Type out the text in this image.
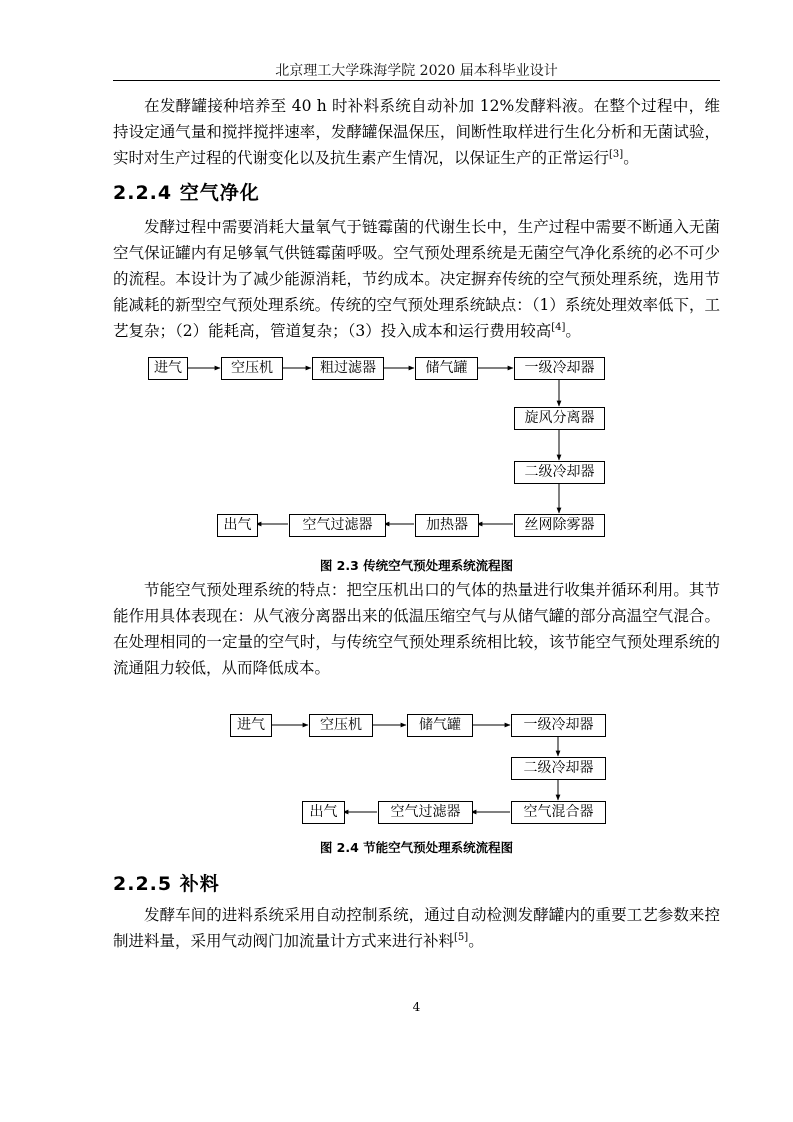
北京理工大学珠海学院 2020 届本科毕业设计

在发酵罐接种培养至 40 h 时补料系统自动补加 12%发酵料液。在整个过程中，维持设定通气量和搅拌搅拌速率，发酵罐保温保压，间断性取样进行生化分析和无菌试验，实时对生产过程的代谢变化以及抗生素产生情况，以保证生产的正常运行[3]。

2.2.4 空气净化

发酵过程中需要消耗大量氧气于链霉菌的代谢生长中，生产过程中需要不断通入无菌空气保证罐内有足够氧气供链霉菌呼吸。空气预处理系统是无菌空气净化系统的必不可少的流程。本设计为了减少能源消耗，节约成本。决定摒弃传统的空气预处理系统，选用节能减耗的新型空气预处理系统。传统的空气预处理系统缺点：（1）系统处理效率低下，工艺复杂；（2）能耗高，管道复杂；（3）投入成本和运行费用较高[4]。

进气	空压机	粗过滤器	储气罐	一级冷却器
旋风分离器
二级冷却器
丝网除雾器
加热器
空气过滤器
出气
图 2.3 传统空气预处理系统流程图

节能空气预处理系统的特点：把空压机出口的气体的热量进行收集并循环利用。其节能作用具体表现在：从气液分离器出来的低温压缩空气与从储气罐的部分高温空气混合。在处理相同的一定量的空气时，与传统空气预处理系统相比较，该节能空气预处理系统的流通阻力较低，从而降低成本。

进气	空压机	储气罐	一级冷却器
二级冷却器
空气混合器
空气过滤器
出气
图 2.4 节能空气预处理系统流程图
2.2.5 补料

发酵车间的进料系统采用自动控制系统，通过自动检测发酵罐内的重要工艺参数来控制进料量，采用气动阀门加流量计方式来进行补料[5]。

4
